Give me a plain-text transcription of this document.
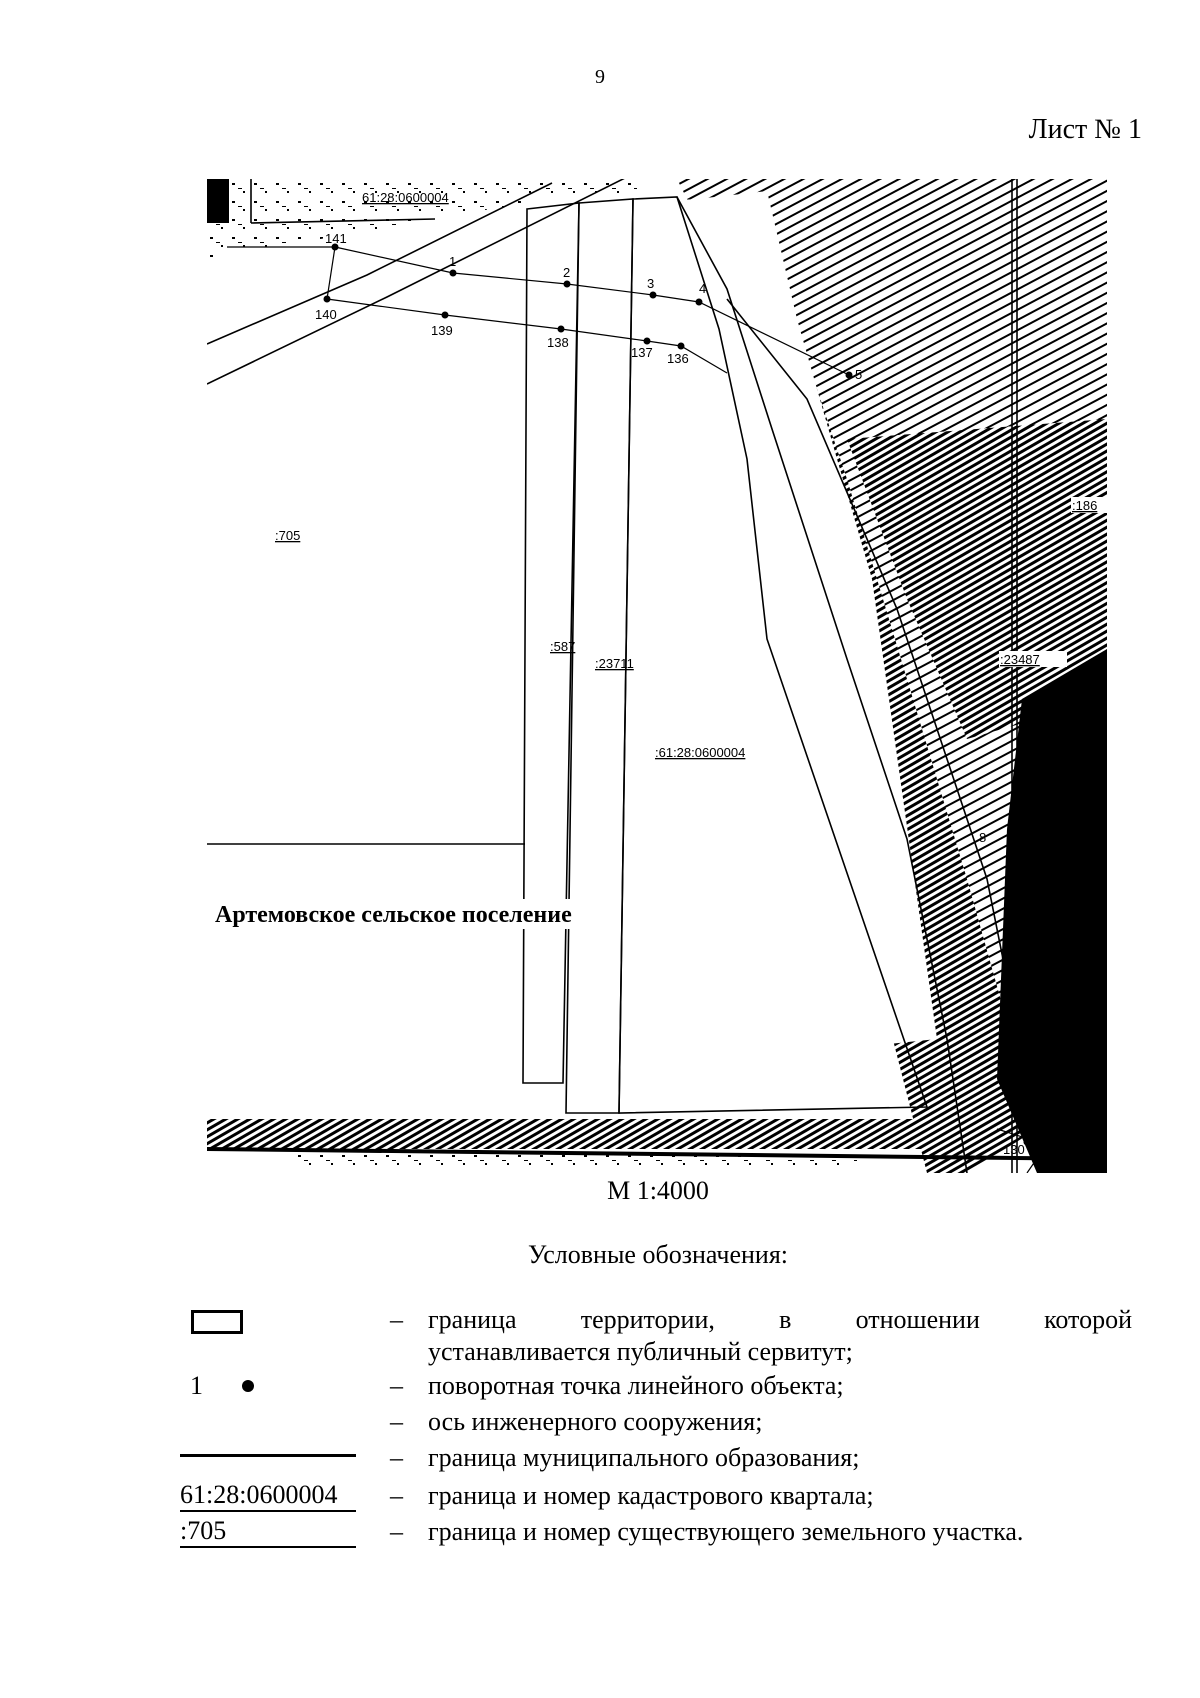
9
Лист № 1
61:28:0600004
141
1
2
3	4
5
140
139
138
137 136
130	10
8
:705
:587
:23711
:61:28:0600004
:23487
:186
Артемовское сельское поселение
М 1:4000
Условные обозначения:
– граница территории, в отношении которой
устанавливается публичный сервитут;
1	– поворотная точка линейного объекта;
– ось инженерного сооружения;
– граница муниципального образования;
61:28:0600004	– граница и номер кадастрового квартала;
:705	– граница и номер существующего земельного участка.
